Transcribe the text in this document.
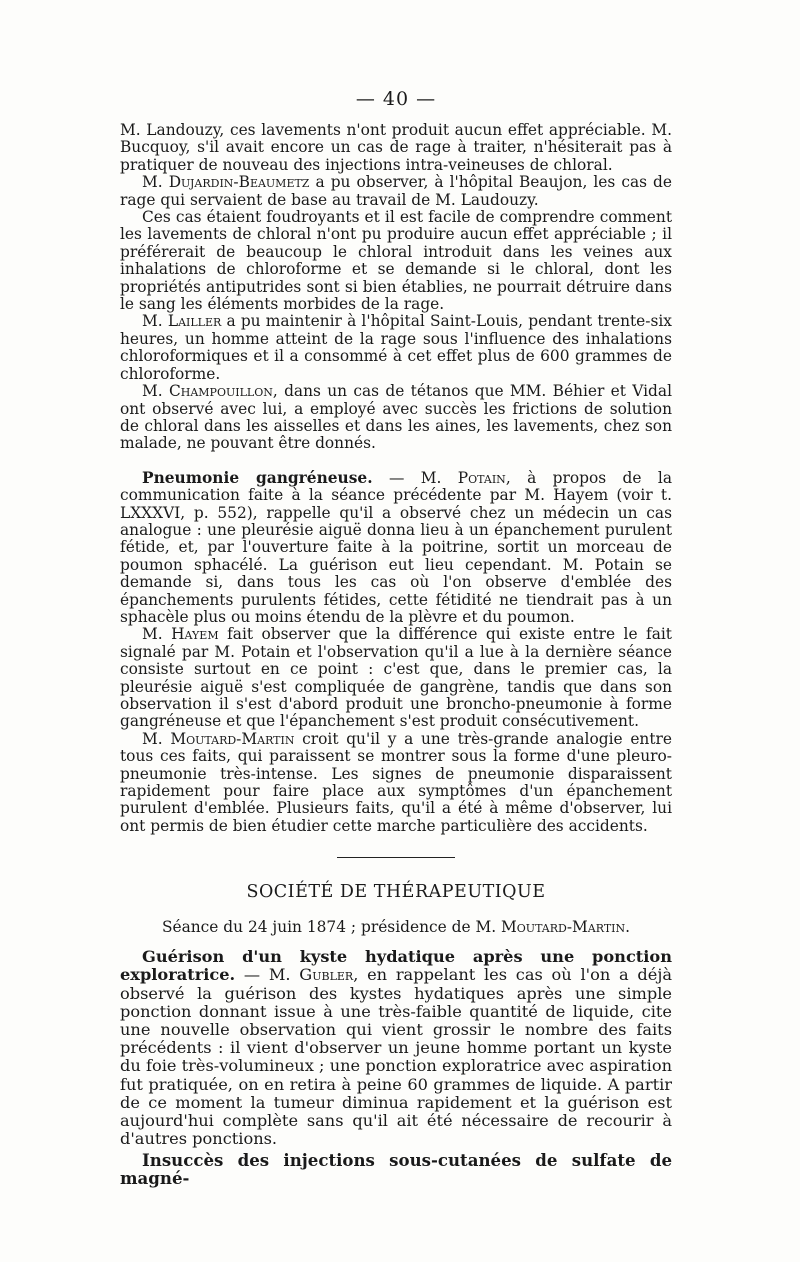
— 40 —

M. Landouzy, ces lavements n'ont produit aucun effet appréciable. M. Bucquoy, s'il avait encore un cas de rage à traiter, n'hésiterait pas à pratiquer de nouveau des injections intra-veineuses de chloral.

M. Dujardin-Beaumetz a pu observer, à l'hôpital Beaujon, les cas de rage qui servaient de base au travail de M. Laudouzy.

Ces cas étaient foudroyants et il est facile de comprendre comment les lavements de chloral n'ont pu produire aucun effet appréciable ; il préférerait de beaucoup le chloral introduit dans les veines aux inhalations de chloroforme et se demande si le chloral, dont les propriétés antiputrides sont si bien établies, ne pourrait détruire dans le sang les éléments morbides de la rage.

M. Lailler a pu maintenir à l'hôpital Saint-Louis, pendant trente-six heures, un homme atteint de la rage sous l'influence des inhalations chloroformiques et il a consommé à cet effet plus de 600 grammes de chloroforme.

M. Champouillon, dans un cas de tétanos que MM. Béhier et Vidal ont observé avec lui, a employé avec succès les frictions de solution de chloral dans les aisselles et dans les aines, les lavements, chez son malade, ne pouvant être donnés.

Pneumonie gangréneuse. — M. Potain, à propos de la communication faite à la séance précédente par M. Hayem (voir t. LXXXVI, p. 552), rappelle qu'il a observé chez un médecin un cas analogue : une pleurésie aiguë donna lieu à un épanchement purulent fétide, et, par l'ouverture faite à la poitrine, sortit un morceau de poumon sphacélé. La guérison eut lieu cependant. M. Potain se demande si, dans tous les cas où l'on observe d'emblée des épanchements purulents fétides, cette fétidité ne tiendrait pas à un sphacèle plus ou moins étendu de la plèvre et du poumon.

M. Hayem fait observer que la différence qui existe entre le fait signalé par M. Potain et l'observation qu'il a lue à la dernière séance consiste surtout en ce point : c'est que, dans le premier cas, la pleurésie aiguë s'est compliquée de gangrène, tandis que dans son observation il s'est d'abord produit une broncho-pneumonie à forme gangréneuse et que l'épanchement s'est produit consécutivement.

M. Moutard-Martin croit qu'il y a une très-grande analogie entre tous ces faits, qui paraissent se montrer sous la forme d'une pleuro-pneumonie très-intense. Les signes de pneumonie disparaissent rapidement pour faire place aux symptômes d'un épanchement purulent d'emblée. Plusieurs faits, qu'il a été à même d'observer, lui ont permis de bien étudier cette marche particulière des accidents.

SOCIÉTÉ DE THÉRAPEUTIQUE
Séance du 24 juin 1874 ; présidence de M. Moutard-Martin.

Guérison d'un kyste hydatique après une ponction exploratrice. — M. Gubler, en rappelant les cas où l'on a déjà observé la guérison des kystes hydatiques après une simple ponction donnant issue à une très-faible quantité de liquide, cite une nouvelle observation qui vient grossir le nombre des faits précédents : il vient d'observer un jeune homme portant un kyste du foie très-volumineux ; une ponction exploratrice avec aspiration fut pratiquée, on en retira à peine 60 grammes de liquide. A partir de ce moment la tumeur diminua rapidement et la guérison est aujourd'hui complète sans qu'il ait été nécessaire de recourir à d'autres ponctions.

Insuccès des injections sous-cutanées de sulfate de magné-
